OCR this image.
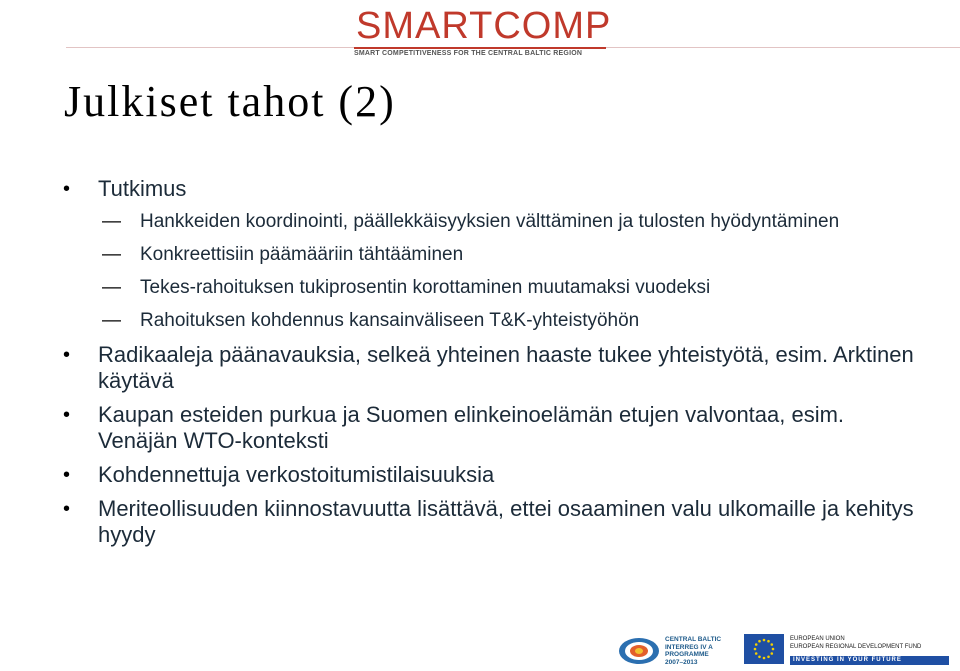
SMARTCOMP
SMART COMPETITIVENESS FOR THE CENTRAL BALTIC REGION
Julkiset tahot (2)
• Tutkimus
— Hankkeiden koordinointi, päällekkäisyyksien välttäminen ja tulosten hyödyntäminen
— Konkreettisiin päämääriin tähtääminen
— Tekes-rahoituksen tukiprosentin korottaminen muutamaksi vuodeksi
— Rahoituksen kohdennus kansainväliseen T&K-yhteistyöhön
• Radikaaleja päänavauksia, selkeä yhteinen haaste tukee yhteistyötä, esim. Arktinen käytävä
• Kaupan esteiden purkua ja Suomen elinkeinoelämän etujen valvontaa, esim. Venäjän WTO-konteksti
• Kohdennettuja verkostoitumistilaisuuksia
• Meriteollisuuden kiinnostavuutta lisättävä, ettei osaaminen valu ulkomaille ja kehitys hyydy
CENTRAL BALTIC
INTERREG IV A
PROGRAMME
2007–2013
EUROPEAN UNION
EUROPEAN REGIONAL DEVELOPMENT FUND
INVESTING IN YOUR FUTURE
